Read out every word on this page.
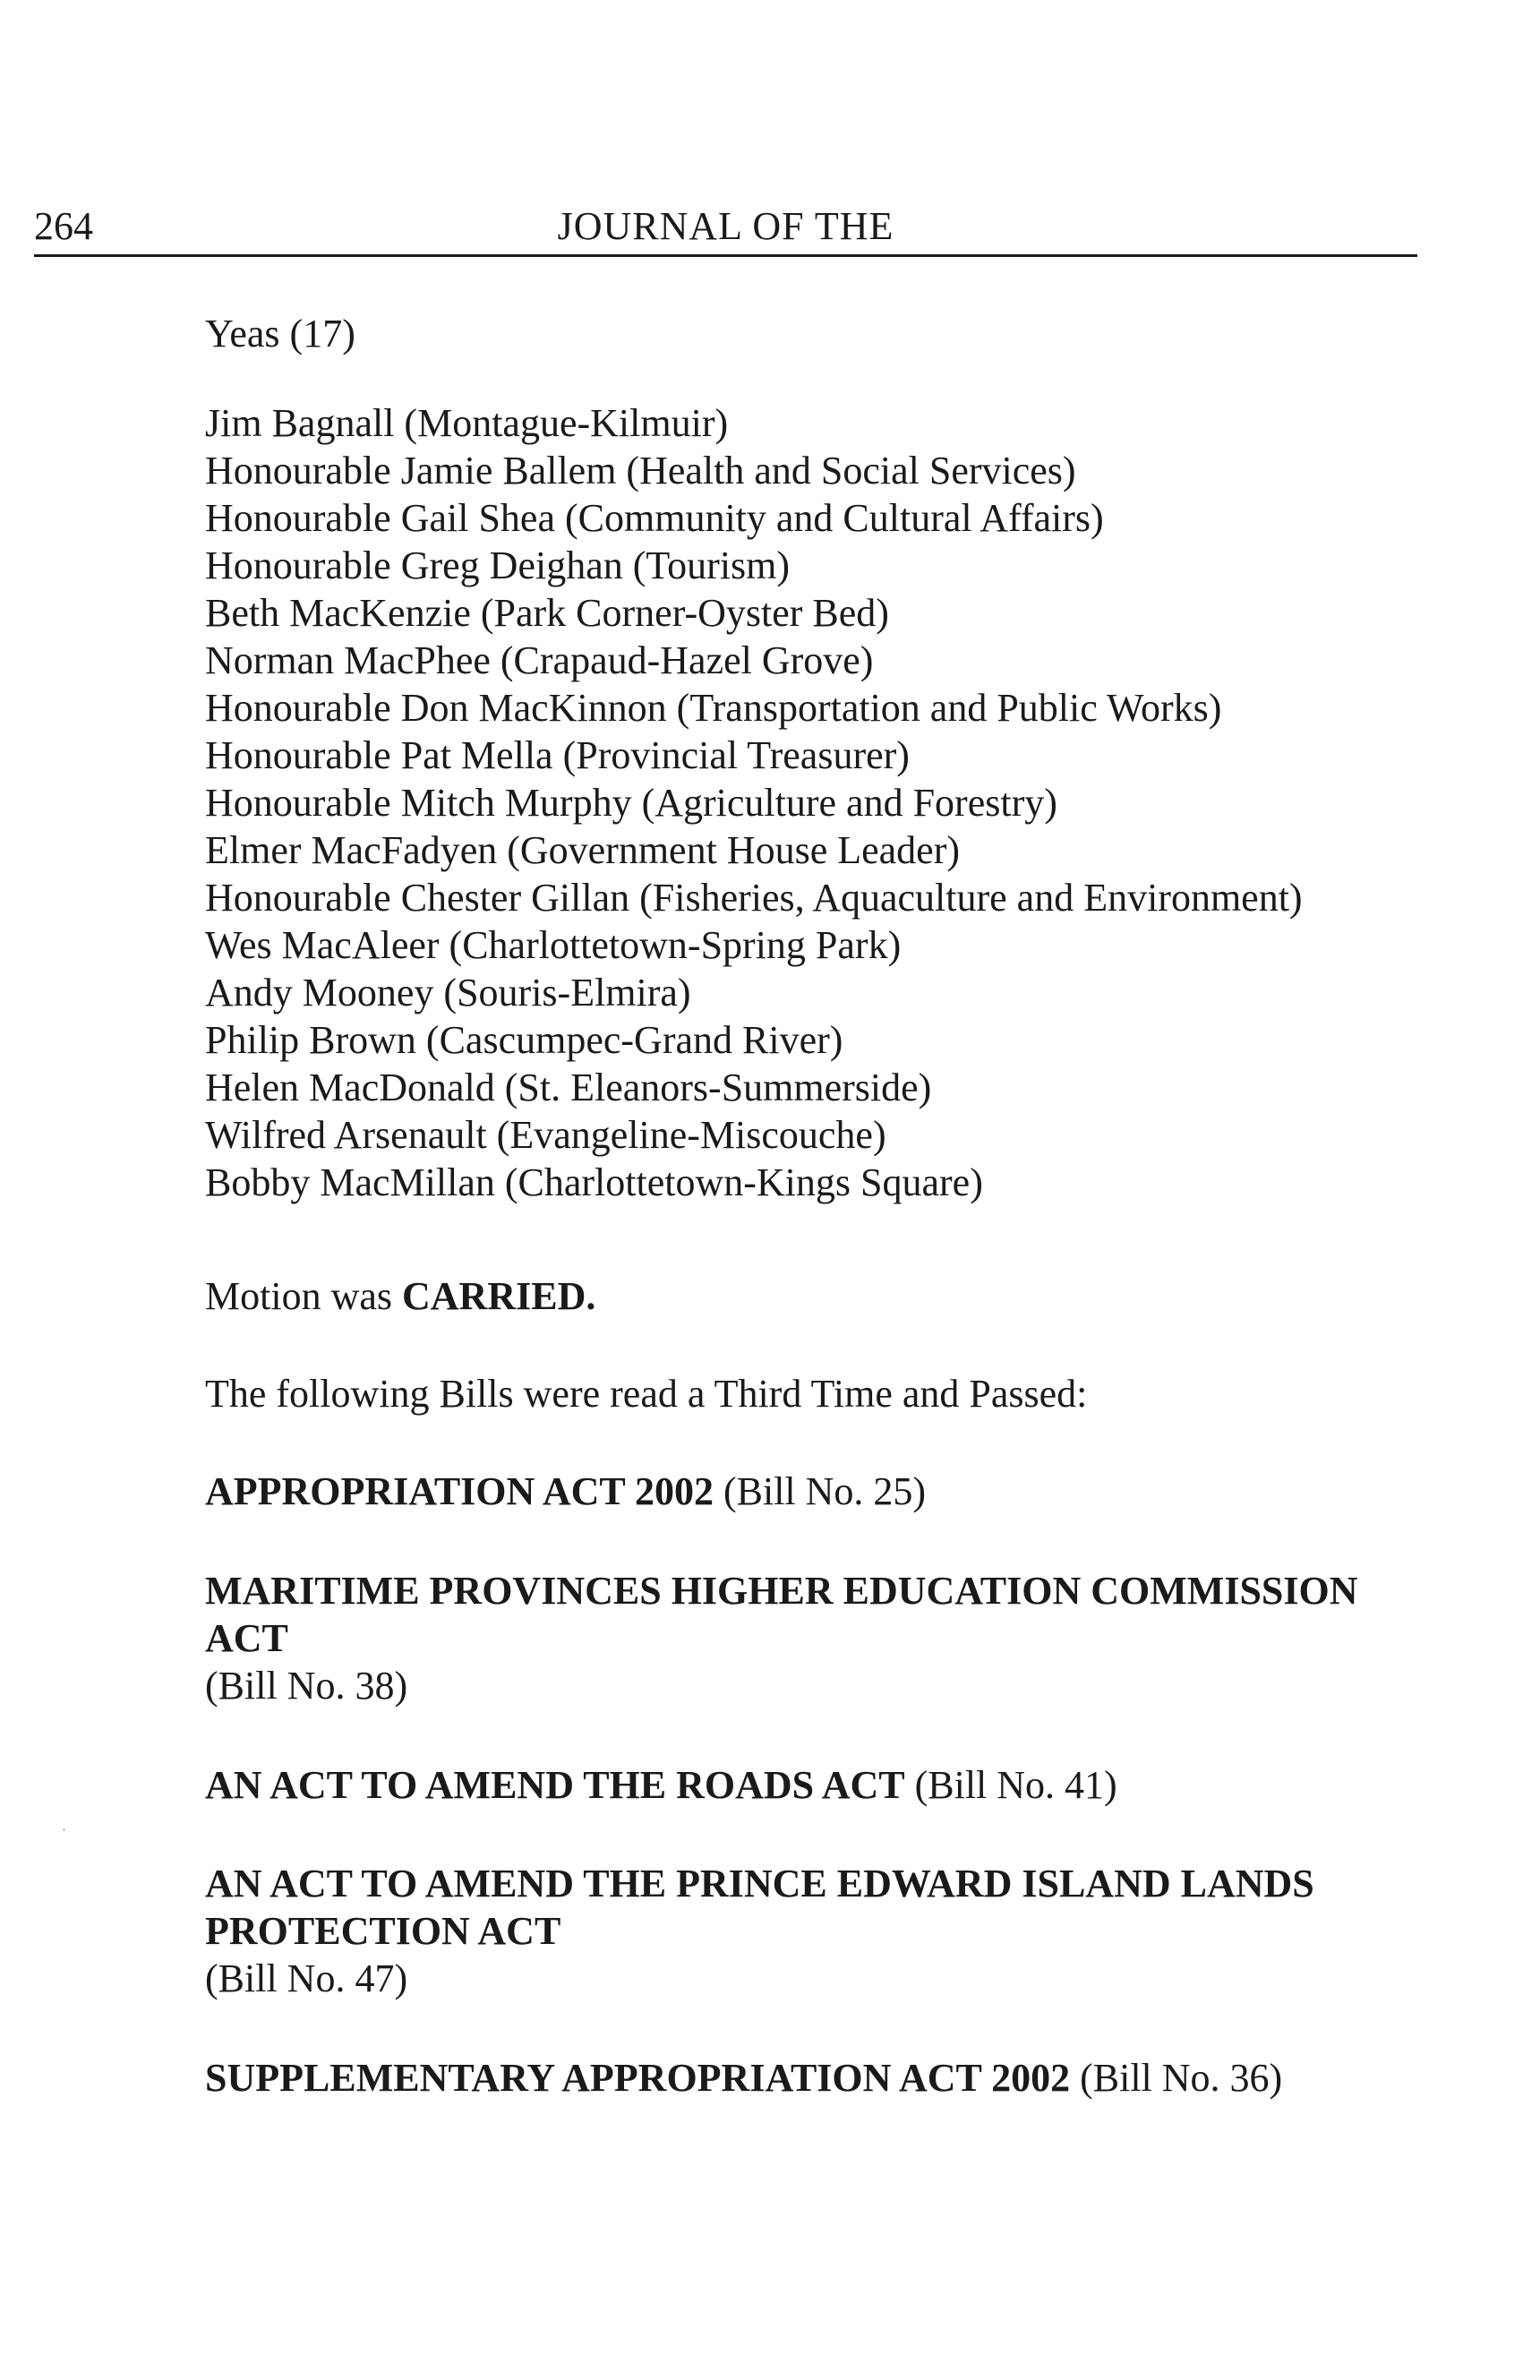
264	JOURNAL OF THE
Yeas (17)
Jim Bagnall (Montague-Kilmuir)
Honourable Jamie Ballem (Health and Social Services)
Honourable Gail Shea (Community and Cultural Affairs)
Honourable Greg Deighan (Tourism)
Beth MacKenzie (Park Corner-Oyster Bed)
Norman MacPhee (Crapaud-Hazel Grove)
Honourable Don MacKinnon (Transportation and Public Works)
Honourable Pat Mella (Provincial Treasurer)
Honourable Mitch Murphy (Agriculture and Forestry)
Elmer MacFadyen (Government House Leader)
Honourable Chester Gillan (Fisheries, Aquaculture and Environment)
Wes MacAleer (Charlottetown-Spring Park)
Andy Mooney (Souris-Elmira)
Philip Brown (Cascumpec-Grand River)
Helen MacDonald (St. Eleanors-Summerside)
Wilfred Arsenault (Evangeline-Miscouche)
Bobby MacMillan (Charlottetown-Kings Square)
Motion was CARRIED.
The following Bills were read a Third Time and Passed:
APPROPRIATION ACT 2002 (Bill No. 25)
MARITIME PROVINCES HIGHER EDUCATION COMMISSION
ACT
(Bill No. 38)
AN ACT TO AMEND THE ROADS ACT (Bill No. 41)
AN ACT TO AMEND THE PRINCE EDWARD ISLAND LANDS
PROTECTION ACT
(Bill No. 47)
SUPPLEMENTARY APPROPRIATION ACT 2002 (Bill No. 36)
